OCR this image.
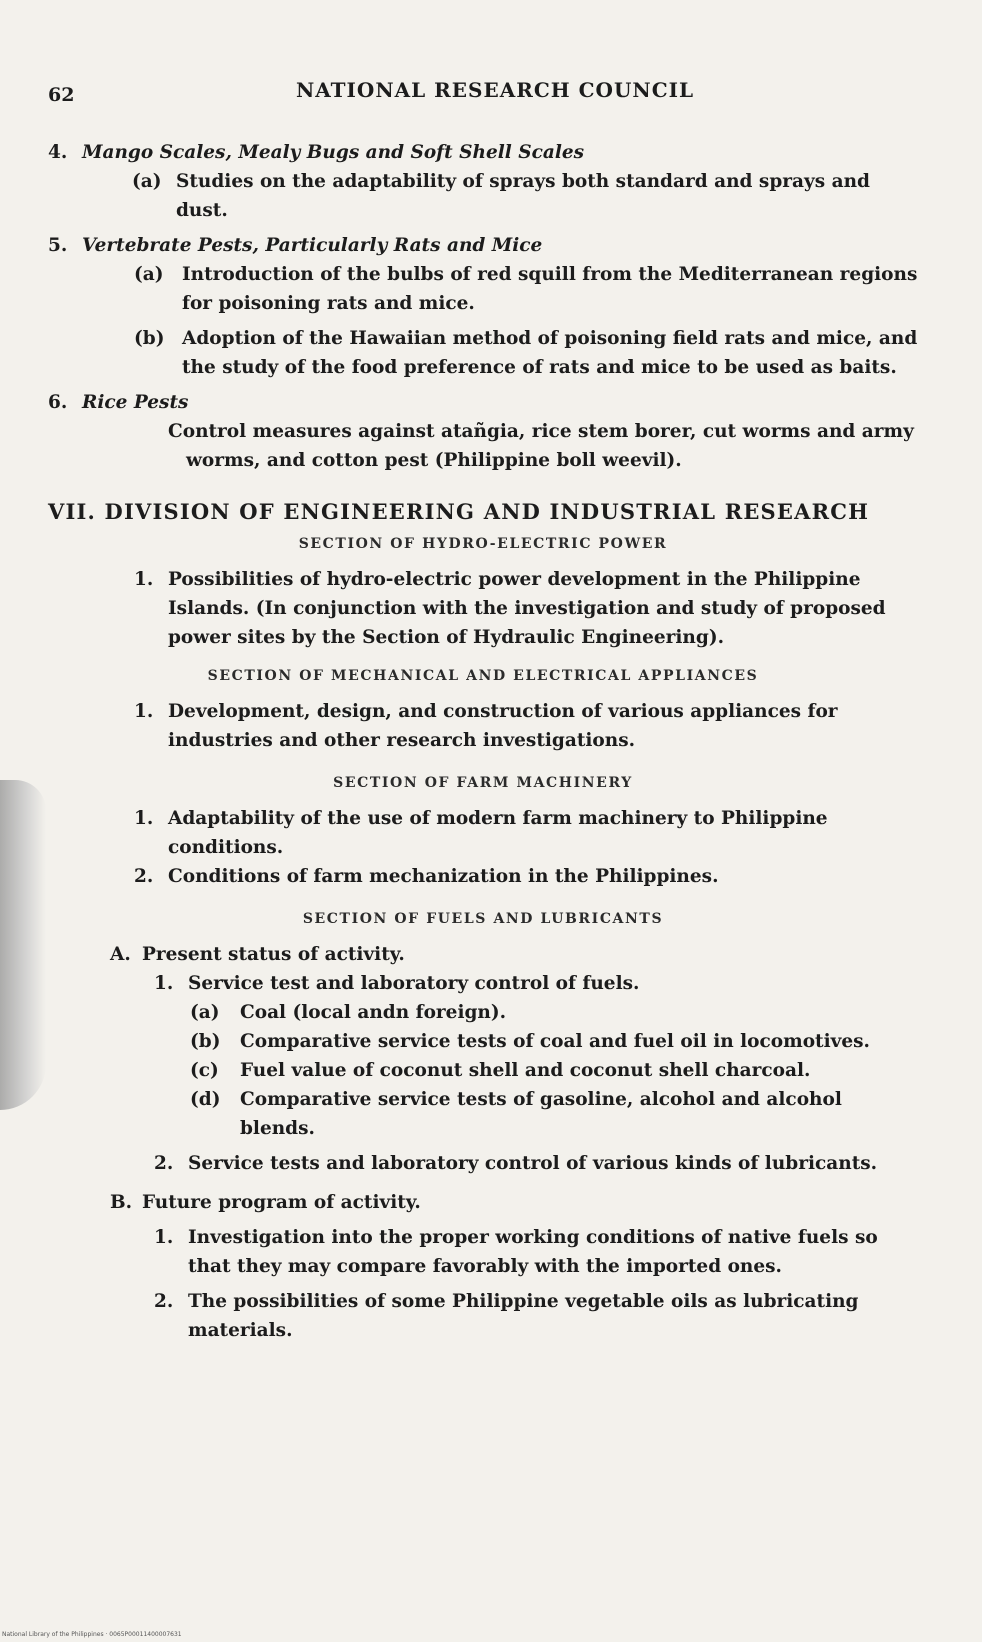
62	NATIONAL RESEARCH COUNCIL
4. Mango Scales, Mealy Bugs and Soft Shell Scales
(a) Studies on the adaptability of sprays both standard and sprays and dust.
5. Vertebrate Pests, Particularly Rats and Mice
(a) Introduction of the bulbs of red squill from the Mediterranean regions for poisoning rats and mice.
(b) Adoption of the Hawaiian method of poisoning field rats and mice, and the study of the food preference of rats and mice to be used as baits.
6. Rice Pests
Control measures against atañgia, rice stem borer, cut worms and army worms, and cotton pest (Philippine boll weevil).
VII. DIVISION OF ENGINEERING AND INDUSTRIAL RESEARCH
SECTION OF HYDRO-ELECTRIC POWER
1. Possibilities of hydro-electric power development in the Philippine Islands. (In conjunction with the investigation and study of proposed power sites by the Section of Hydraulic Engineering).
SECTION OF MECHANICAL AND ELECTRICAL APPLIANCES
1. Development, design, and construction of various appliances for industries and other research investigations.
SECTION OF FARM MACHINERY
1. Adaptability of the use of modern farm machinery to Philippine conditions.
2. Conditions of farm mechanization in the Philippines.
SECTION OF FUELS AND LUBRICANTS
A. Present status of activity.
1. Service test and laboratory control of fuels.
(a) Coal (local andn foreign).
(b) Comparative service tests of coal and fuel oil in locomotives.
(c) Fuel value of coconut shell and coconut shell charcoal.
(d) Comparative service tests of gasoline, alcohol and alcohol blends.
2. Service tests and laboratory control of various kinds of lubricants.
B. Future program of activity.
1. Investigation into the proper working conditions of native fuels so that they may compare favorably with the imported ones.
2. The possibilities of some Philippine vegetable oils as lubricating materials.
National Library of the Philippines · 0065P00011400007631
